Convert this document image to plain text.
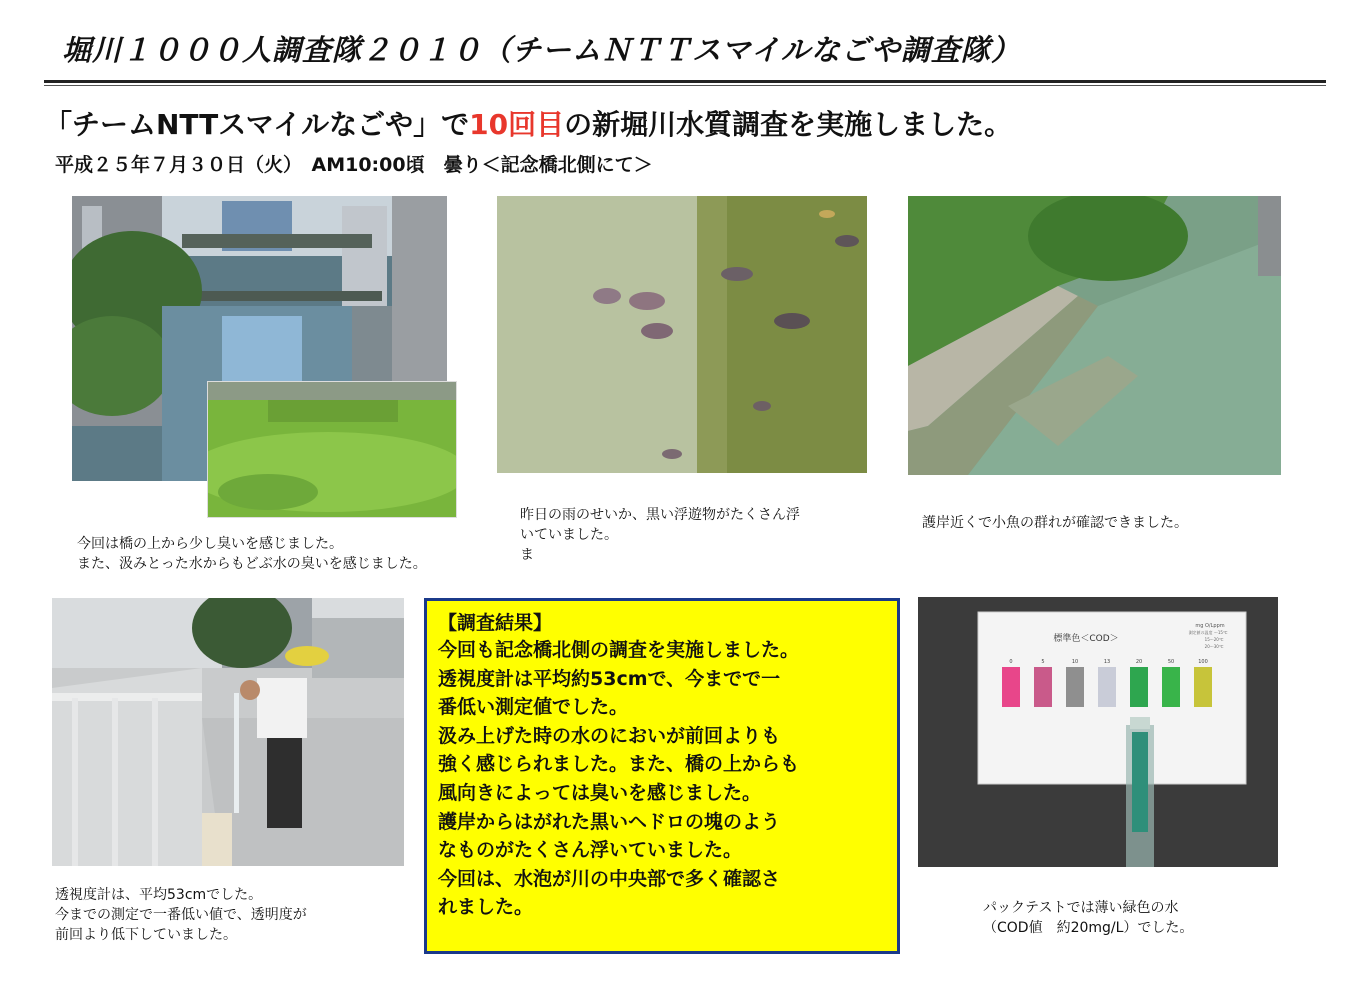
堀川１０００人調査隊２０１０（チームＮＴＴスマイルなごや調査隊）
「チームNTTスマイルなごや」で10回目の新堀川水質調査を実施しました。
平成２５年７月３０日（火）　AM10:00頃　曇り＜記念橋北側にて＞
今回は橋の上から少し臭いを感じました。
また、汲みとった水からもどぶ水の臭いを感じました。
昨日の雨のせいか、黒い浮遊物がたくさん浮
いていました。
ま
護岸近くで小魚の群れが確認できました。
【調査結果】
今回も記念橋北側の調査を実施しました。
透視度計は平均約53cmで、今までで一
番低い測定値でした。
汲み上げた時の水のにおいが前回よりも
強く感じられました。また、橋の上からも
風向きによっては臭いを感じました。
護岸からはがれた黒いヘドロの塊のよう
なものがたくさん浮いていました。
今回は、水泡が川の中央部で多く確認さ
れました。
標準色＜COD＞
mg O/Lppm
測定値の温度 ～15℃
15～20℃
20～30℃
0	5	10	13	20	50	100
透視度計は、平均53cmでした。
今までの測定で一番低い値で、透明度が
前回より低下していました。
パックテストでは薄い緑色の水
（COD値　約20mg/L）でした。
